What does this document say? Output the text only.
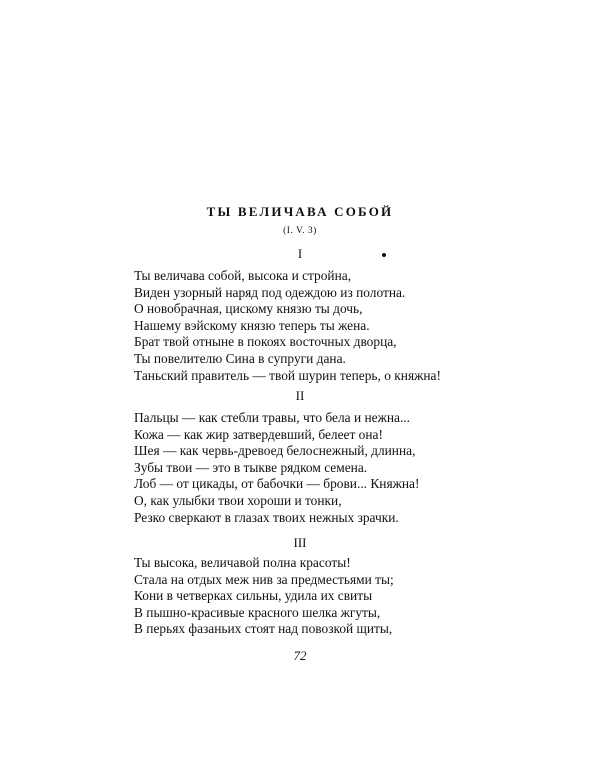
ТЫ ВЕЛИЧАВА СОБОЙ

(I. V. 3)

I

Ты величава собой, высока и стройна,
Виден узорный наряд под одеждою из полотна.
О новобрачная, цискому князю ты дочь,
Нашему вэйскому князю теперь ты жена.
Брат твой отныне в покоях восточных дворца,
Ты повелителю Сина в супруги дана.
Таньский правитель — твой шурин теперь, о княжна!

II

Пальцы — как стебли травы, что бела и нежна...
Кожа — как жир затвердевший, белеет она!
Шея — как червь-древоед белоснежный, длинна,
Зубы твои — это в тыкве рядком семена.
Лоб — от цикады, от бабочки — брови... Княжна!
О, как улыбки твои хороши и тонки,
Резко сверкают в глазах твоих нежных зрачки.

III

Ты высока, величавой полна красоты!
Стала на отдых меж нив за предместьями ты;
Кони в четверках сильны, удила их свиты
В пышно-красивые красного шелка жгуты,
В перьях фазаньих стоят над повозкой щиты,

72
